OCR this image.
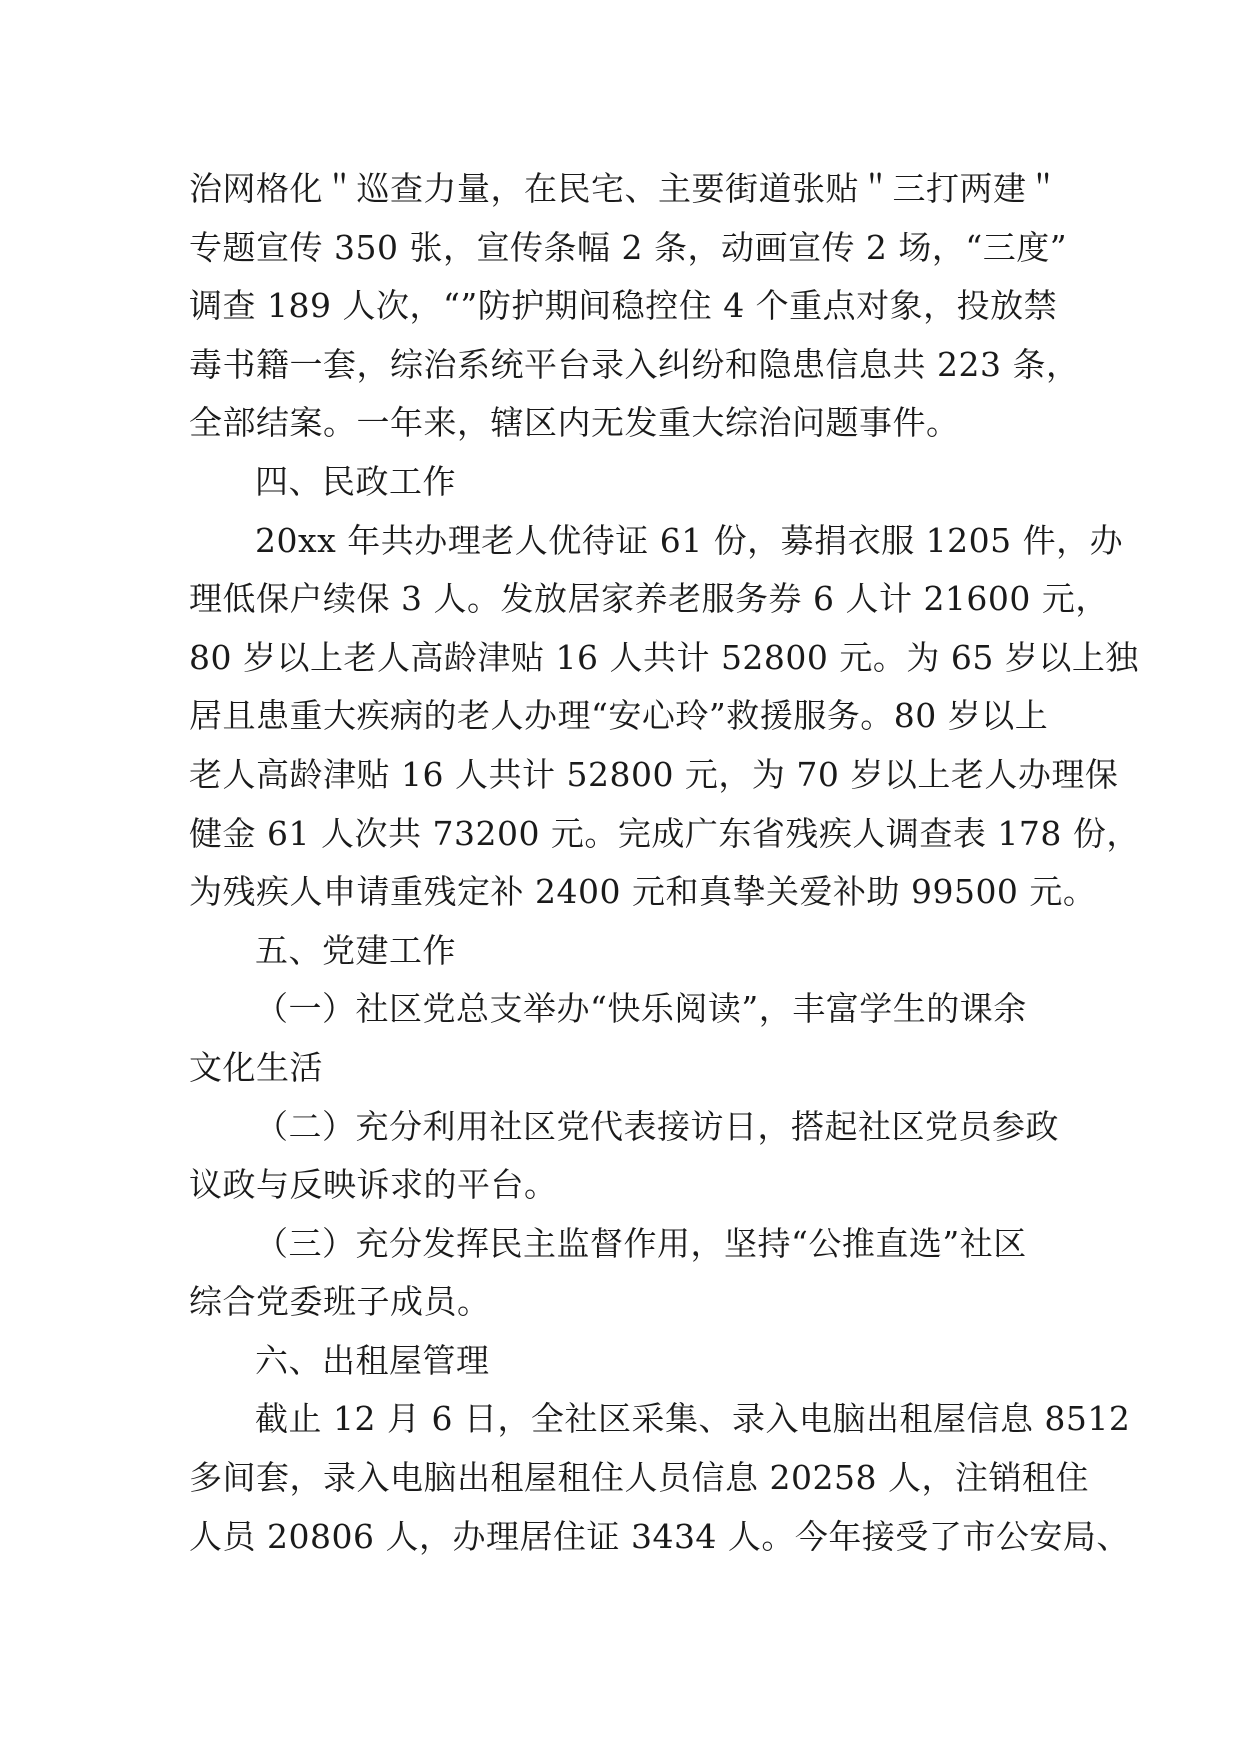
治网格化＂巡查力量，在民宅、主要街道张贴＂三打两建＂
专题宣传 350 张，宣传条幅 2 条，动画宣传 2 场，“三度”
调查 189 人次，“”防护期间稳控住 4 个重点对象，投放禁
毒书籍一套，综治系统平台录入纠纷和隐患信息共 223 条，
全部结案。一年来，辖区内无发重大综治问题事件。
四、民政工作
20xx 年共办理老人优待证 61 份，募捐衣服 1205 件，办
理低保户续保 3 人。发放居家养老服务券 6 人计 21600 元，
80 岁以上老人高龄津贴 16 人共计 52800 元。为 65 岁以上独
居且患重大疾病的老人办理“安心玲”救援服务。80 岁以上
老人高龄津贴 16 人共计 52800 元，为 70 岁以上老人办理保
健金 61 人次共 73200 元。完成广东省残疾人调查表 178 份，
为残疾人申请重残定补 2400 元和真挚关爱补助 99500 元。
五、党建工作
（一）社区党总支举办“快乐阅读”，丰富学生的课余
文化生活
（二）充分利用社区党代表接访日，搭起社区党员参政
议政与反映诉求的平台。
（三）充分发挥民主监督作用，坚持“公推直选”社区
综合党委班子成员。
六、出租屋管理
截止 12 月 6 日，全社区采集、录入电脑出租屋信息 8512
多间套，录入电脑出租屋租住人员信息 20258 人，注销租住
人员 20806 人，办理居住证 3434 人。今年接受了市公安局、
